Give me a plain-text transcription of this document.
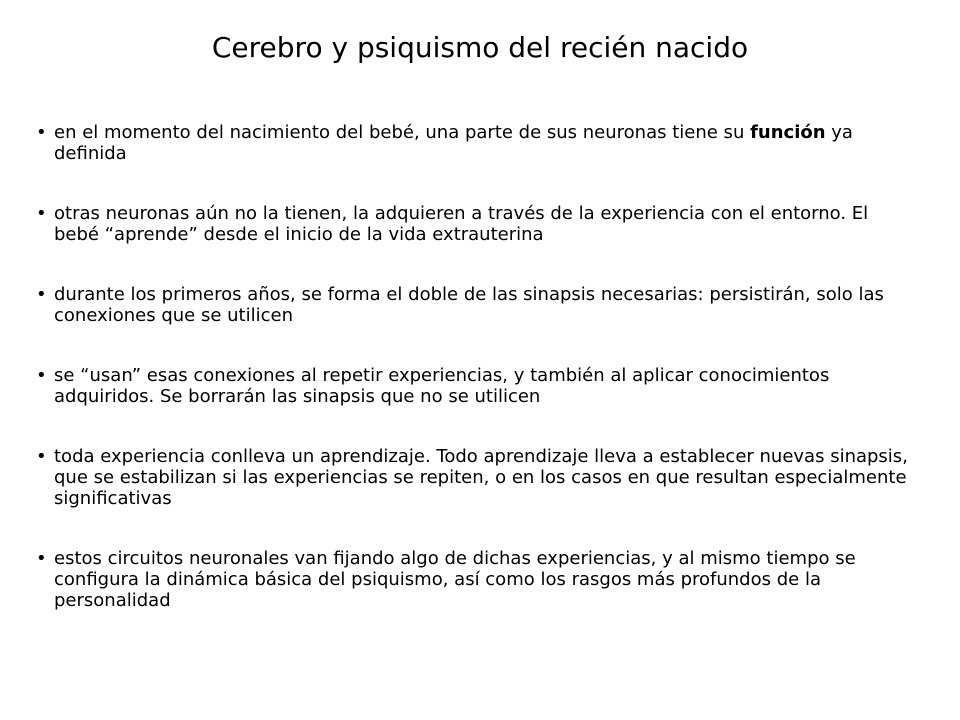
Cerebro y psiquismo del recién nacido
• en el momento del nacimiento del bebé, una parte de sus neuronas tiene su función ya definida
• otras neuronas aún no la tienen, la adquieren a través de la experiencia con el entorno. El bebé “aprende” desde el inicio de la vida extrauterina
• durante los primeros años, se forma el doble de las sinapsis necesarias: persistirán, solo las conexiones que se utilicen
• se “usan” esas conexiones al repetir experiencias, y también al aplicar conocimientos adquiridos. Se borrarán las sinapsis que no se utilicen
• toda experiencia conlleva un aprendizaje. Todo aprendizaje lleva a establecer nuevas sinapsis, que se estabilizan si las experiencias se repiten, o en los casos en que resultan especialmente significativas
• estos circuitos neuronales van fijando algo de dichas experiencias, y al mismo tiempo se configura la dinámica básica del psiquismo, así como los rasgos más profundos de la personalidad
